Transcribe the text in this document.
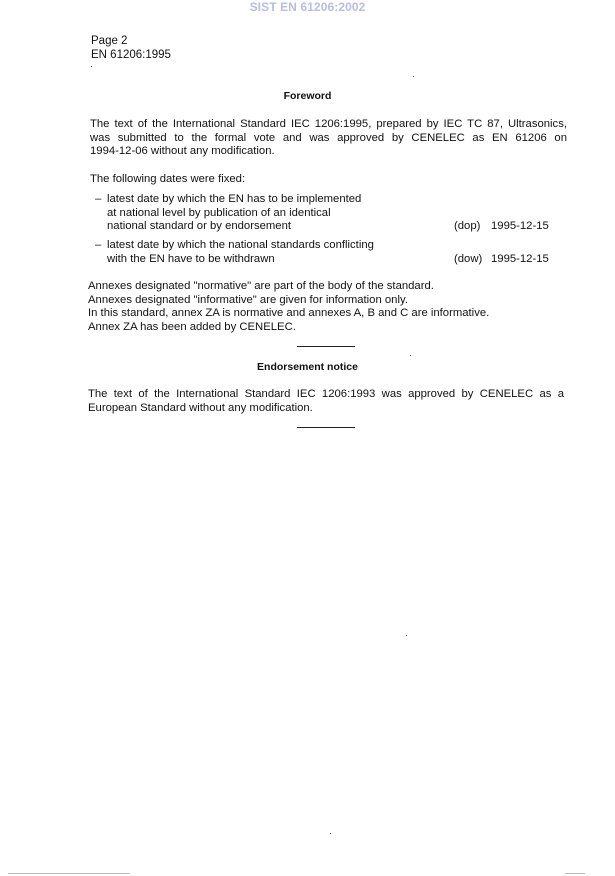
SIST EN 61206:2002
Page 2
EN 61206:1995
Foreword
The text of the International Standard IEC 1206:1995, prepared by IEC TC 87, Ultrasonics,
was submitted to the formal vote and was approved by CENELEC as EN 61206 on
1994-12-06 without any modification.
The following dates were fixed:
– latest date by which the EN has to be implemented
at national level by publication of an identical
national standard or by endorsement	(dop) 1995-12-15
– latest date by which the national standards conflicting
with the EN have to be withdrawn	(dow) 1995-12-15
Annexes designated "normative" are part of the body of the standard.
Annexes designated "informative" are given for information only.
In this standard, annex ZA is normative and annexes A, B and C are informative.
Annex ZA has been added by CENELEC.
Endorsement notice
The text of the International Standard IEC 1206:1993 was approved by CENELEC as a
European Standard without any modification.
